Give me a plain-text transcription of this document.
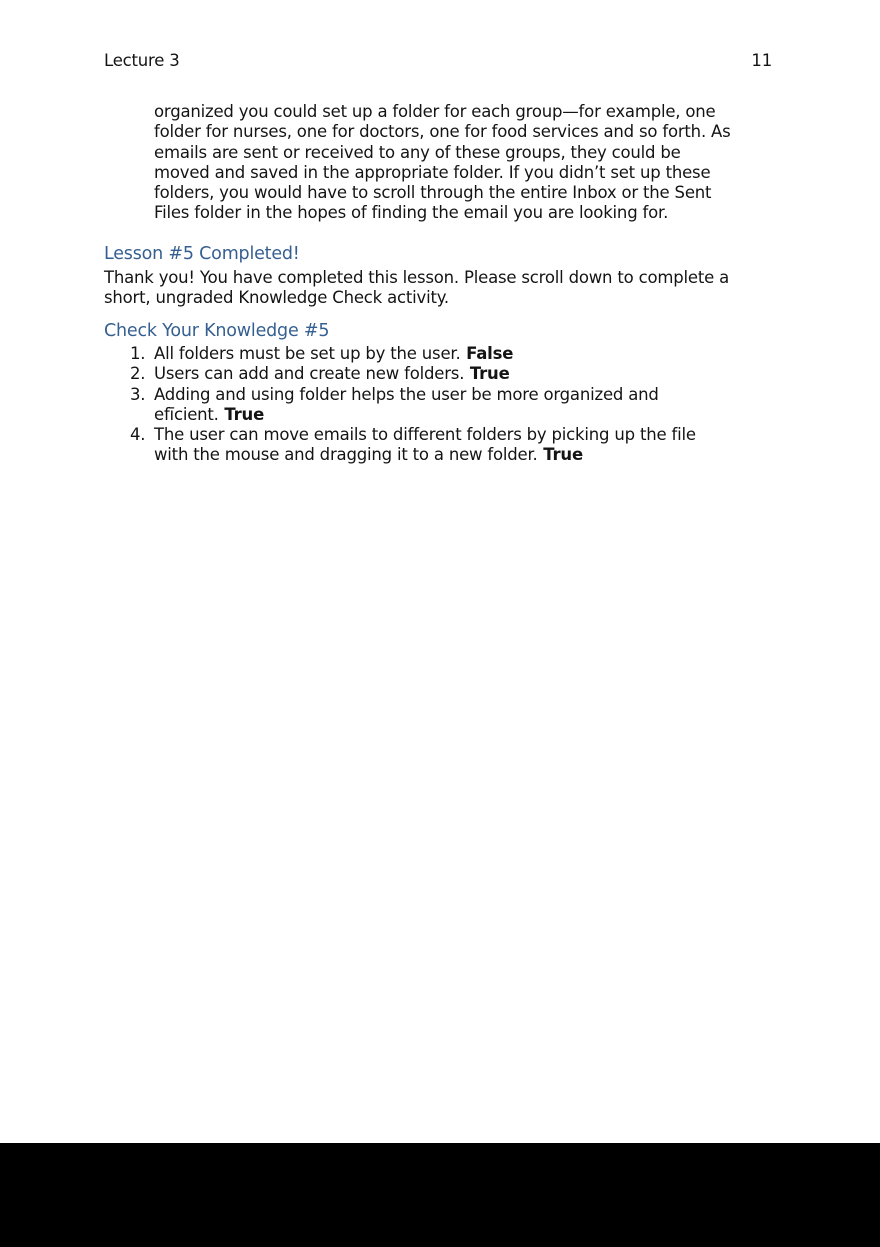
Lecture 3	11
organized you could set up a folder for each group—for example, one
folder for nurses, one for doctors, one for food services and so forth. As
emails are sent or received to any of these groups, they could be
moved and saved in the appropriate folder. If you didn’t set up these
folders, you would have to scroll through the entire Inbox or the Sent
Files folder in the hopes of finding the email you are looking for.
Lesson #5 Completed!
Thank you! You have completed this lesson. Please scroll down to complete a
short, ungraded Knowledge Check activity.
Check Your Knowledge #5
1. All folders must be set up by the user. False
2. Users can add and create new folders. True
3. Adding and using folder helps the user be more organized and
efīcient. True
4. The user can move emails to different folders by picking up the file
with the mouse and dragging it to a new folder. True
